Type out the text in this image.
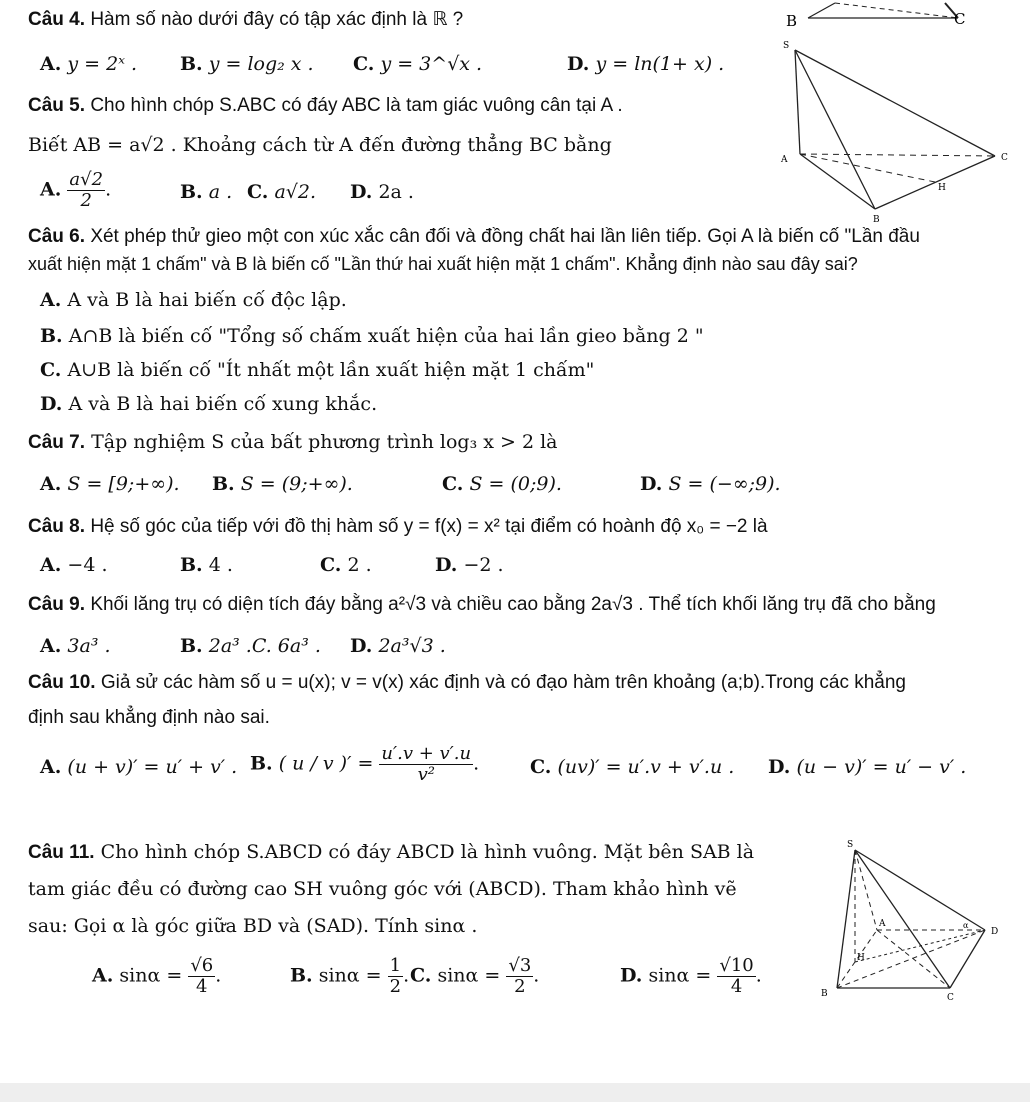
Câu 4. Hàm số nào dưới đây có tập xác định là ℝ ?
A. y = 2ˣ . B. y = log₂ x . C. y = 3^√x .	D. y = ln(1+ x) .
B	C
Câu 5. Cho hình chóp S.ABC có đáy ABC là tam giác vuông cân tại A .
Biết AB = a√2 . Khoảng cách từ A đến đường thẳng BC bằng
A. $\frac{a√2}{2}$ .	B. a . C. a√2. D. 2a .
S
A
B
C
H
Câu 6. Xét phép thử gieo một con xúc xắc cân đối và đồng chất hai lần liên tiếp. Gọi A là biến cố "Lần đầu
xuất hiện mặt 1 chấm" và B là biến cố "Lần thứ hai xuất hiện mặt 1 chấm". Khẳng định nào sau đây sai?
A. A và B là hai biến cố độc lập.
B. A∩B là biến cố "Tổng số chấm xuất hiện của hai lần gieo bằng 2 "
C. A∪B là biến cố "Ít nhất một lần xuất hiện mặt 1 chấm"
D. A và B là hai biến cố xung khắc.
Câu 7. Tập nghiệm S của bất phương trình log₃ x > 2 là
A. S = [9;+∞). B. S = (9;+∞).	C. S = (0;9).	D. S = (−∞;9).
Câu 8. Hệ số góc của tiếp với đồ thị hàm số y = f(x) = x² tại điểm có hoành độ x₀ = −2 là
A. −4 .	B. 4 .	C. 2 .	D. −2 .
Câu 9. Khối lăng trụ có diện tích đáy bằng a²√3 và chiều cao bằng 2a√3 . Thể tích khối lăng trụ đã cho bằng
A. 3a³ .	B. 2a³ .C. 6a³ . D. 2a³√3 .
Câu 10. Giả sử các hàm số u = u(x); v = v(x) xác định và có đạo hàm trên khoảng (a;b).Trong các khẳng
định sau khẳng định nào sai.
A. (u + v)′ = u′ + v′ . B. ( u / v )′ = $\frac{u'.v + v'.u}{\text{v²}}$ .	C. (uv)′ = u′.v + v′.u . D. (u − v)′ = u′ − v′ .
Câu 11. Cho hình chóp S.ABCD có đáy ABCD là hình vuông. Mặt bên SAB là
tam giác đều có đường cao SH vuông góc với (ABCD). Tham khảo hình vẽ
sau: Gọi α là góc giữa BD và (SAD). Tính sinα .
A. $\sin\alpha = \frac{√6}{4}$ .	B. $\sin\alpha = \frac{1}{2}$ . C. $\sin\alpha = \frac{√3}{2}$ .	D. $\sin\alpha = \frac{√10}{4}$ .
S
A
B	C
D
H
α
